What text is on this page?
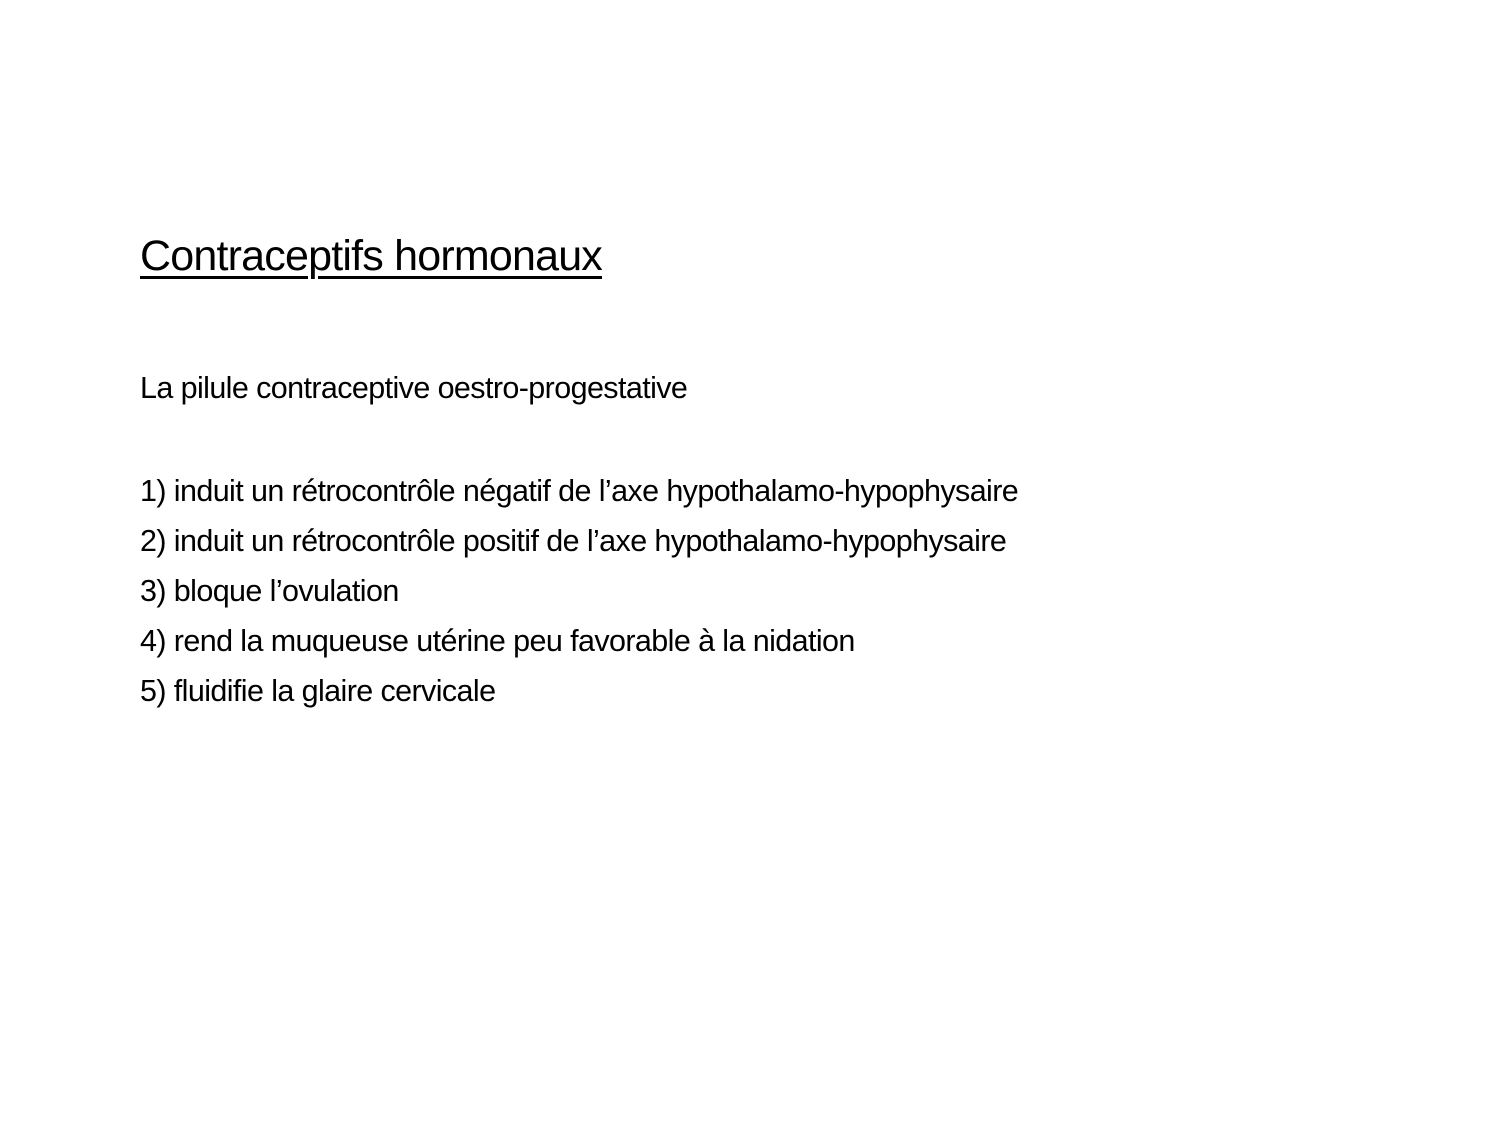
Contraceptifs hormonaux
La pilule contraceptive oestro-progestative
1) induit un rétrocontrôle négatif de l’axe hypothalamo-hypophysaire
2) induit un rétrocontrôle positif de l’axe hypothalamo-hypophysaire
3) bloque l’ovulation
4) rend la muqueuse utérine peu favorable à la nidation
5) fluidifie la glaire cervicale
